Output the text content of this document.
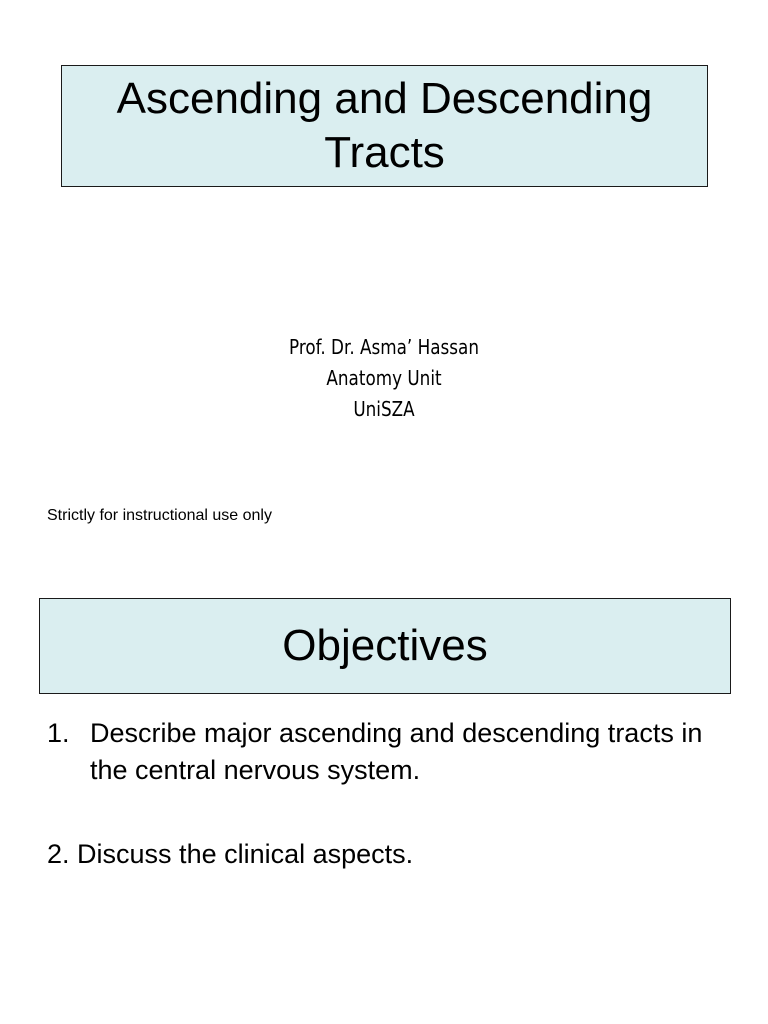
Ascending and Descending
Tracts
Prof. Dr. Asma’ Hassan
Anatomy Unit
UniSZA
Strictly for instructional use only
Objectives
1. Describe major ascending and descending tracts in the central nervous system.
2. Discuss the clinical aspects.
